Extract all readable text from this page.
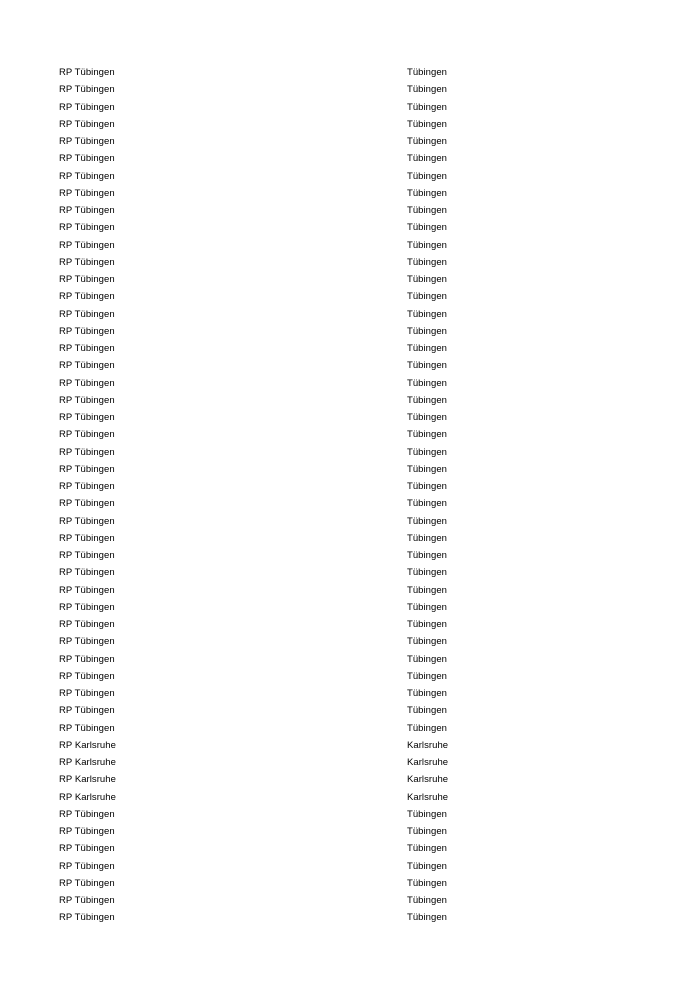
RP Tübingen	Tübingen
RP Tübingen	Tübingen
RP Tübingen	Tübingen
RP Tübingen	Tübingen
RP Tübingen	Tübingen
RP Tübingen	Tübingen
RP Tübingen	Tübingen
RP Tübingen	Tübingen
RP Tübingen	Tübingen
RP Tübingen	Tübingen
RP Tübingen	Tübingen
RP Tübingen	Tübingen
RP Tübingen	Tübingen
RP Tübingen	Tübingen
RP Tübingen	Tübingen
RP Tübingen	Tübingen
RP Tübingen	Tübingen
RP Tübingen	Tübingen
RP Tübingen	Tübingen
RP Tübingen	Tübingen
RP Tübingen	Tübingen
RP Tübingen	Tübingen
RP Tübingen	Tübingen
RP Tübingen	Tübingen
RP Tübingen	Tübingen
RP Tübingen	Tübingen
RP Tübingen	Tübingen
RP Tübingen	Tübingen
RP Tübingen	Tübingen
RP Tübingen	Tübingen
RP Tübingen	Tübingen
RP Tübingen	Tübingen
RP Tübingen	Tübingen
RP Tübingen	Tübingen
RP Tübingen	Tübingen
RP Tübingen	Tübingen
RP Tübingen	Tübingen
RP Tübingen	Tübingen
RP Tübingen	Tübingen
RP Karlsruhe	Karlsruhe
RP Karlsruhe	Karlsruhe
RP Karlsruhe	Karlsruhe
RP Karlsruhe	Karlsruhe
RP Tübingen	Tübingen
RP Tübingen	Tübingen
RP Tübingen	Tübingen
RP Tübingen	Tübingen
RP Tübingen	Tübingen
RP Tübingen	Tübingen
RP Tübingen	Tübingen
